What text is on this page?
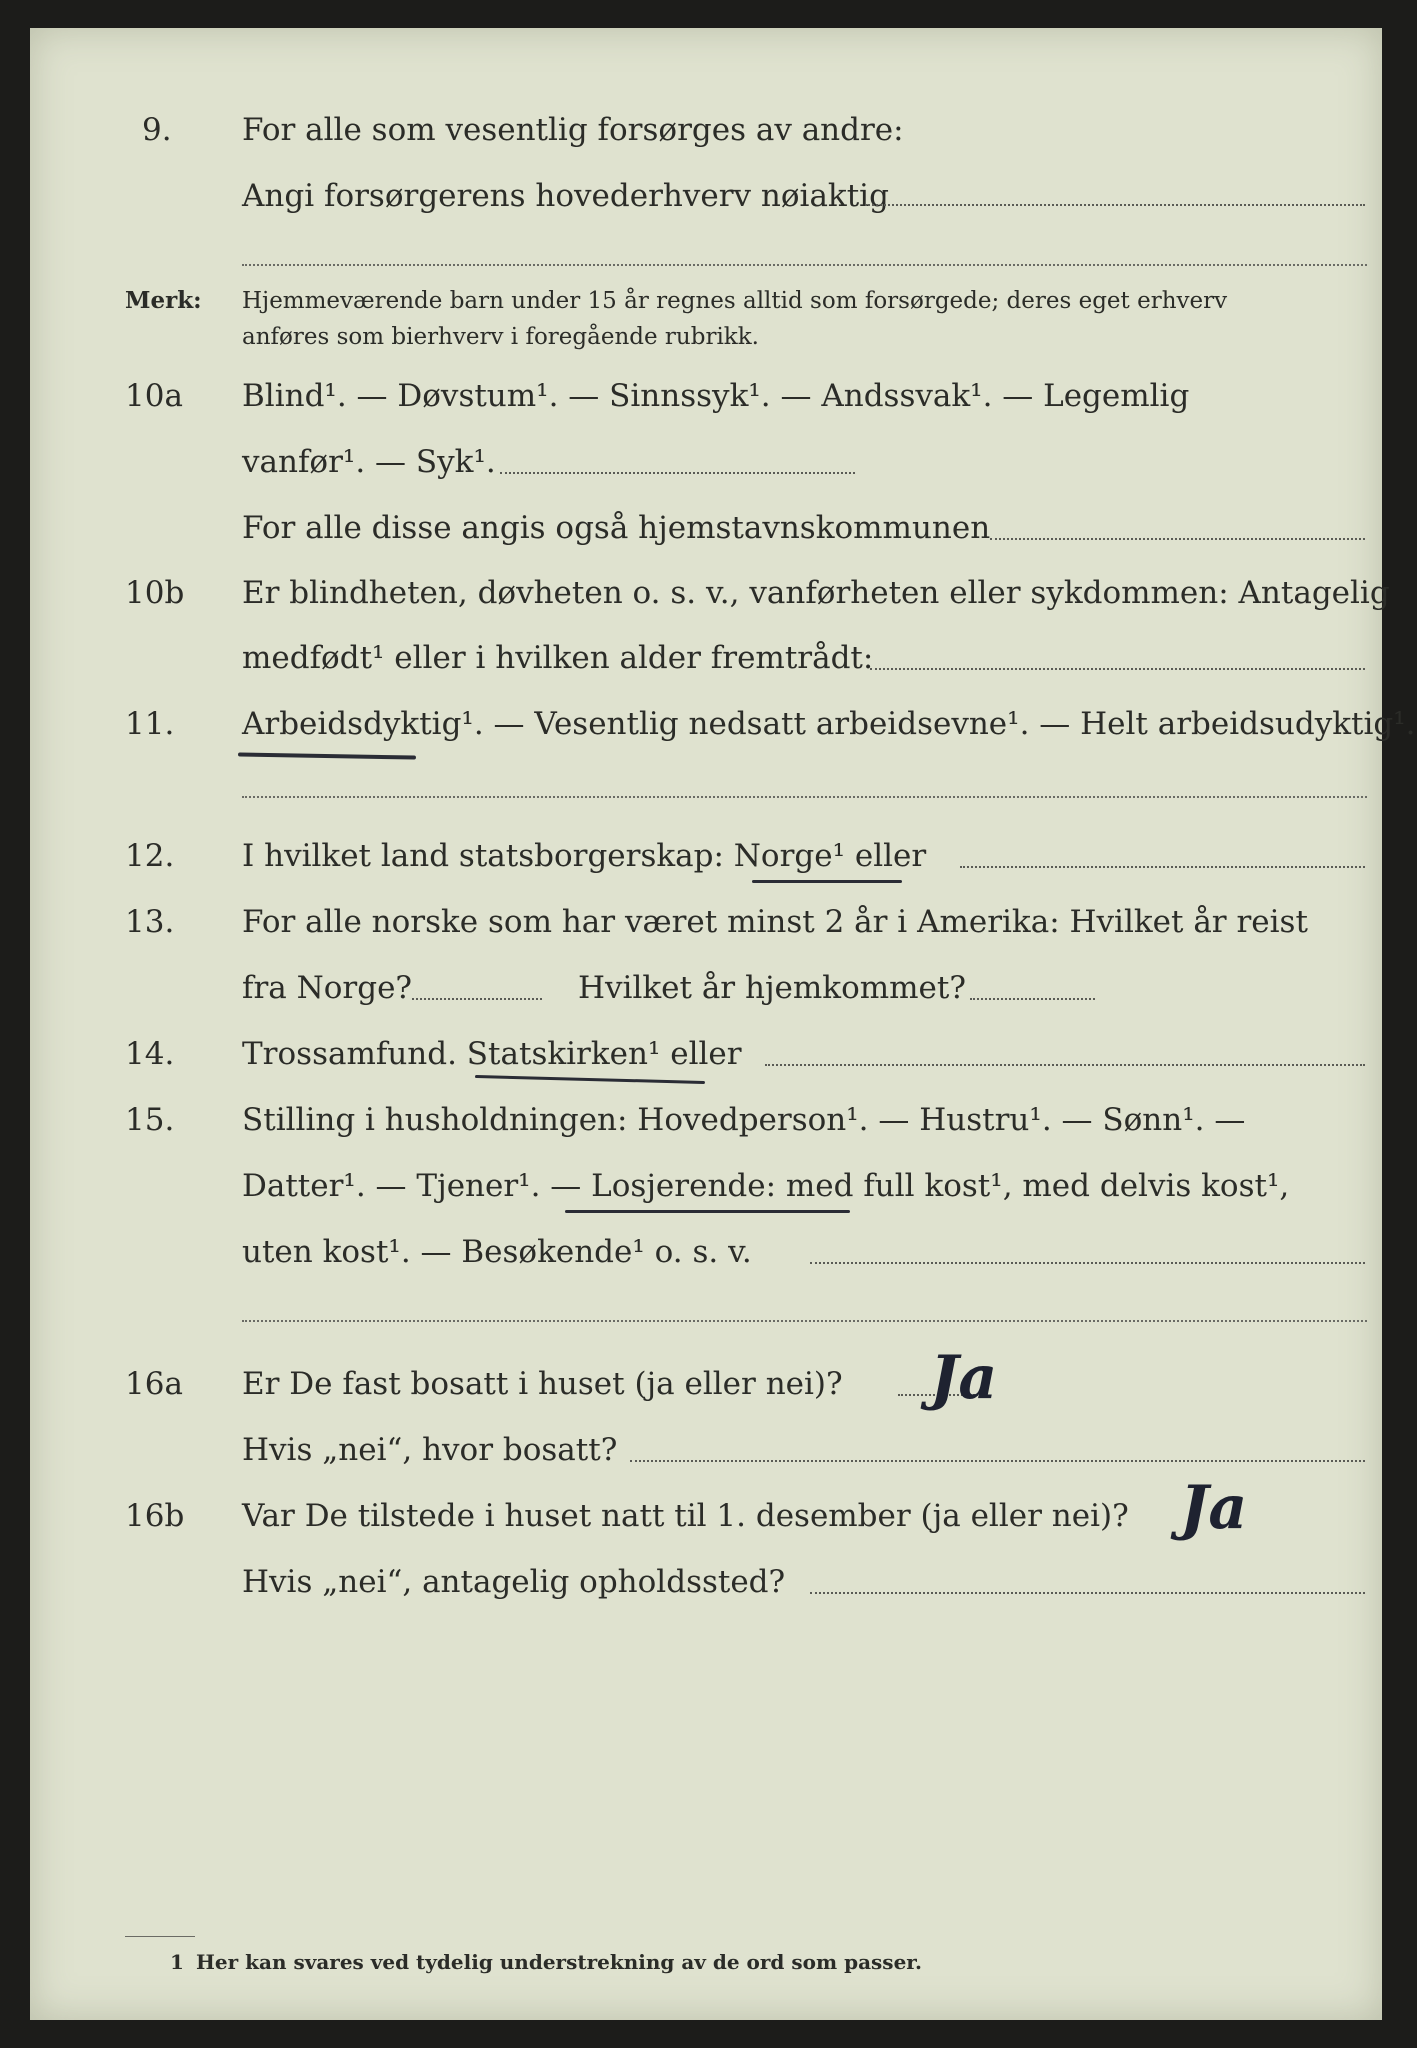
9. For alle som vesentlig forsørges av andre:
Angi forsørgerens hovederhverv nøiaktig
Merk: Hjemmeværende barn under 15 år regnes alltid som forsørgede; deres eget erhverv
anføres som bierhverv i foregående rubrikk.
10a Blind¹. — Døvstum¹. — Sinnssyk¹. — Andssvak¹. — Legemlig
vanfør¹. — Syk¹.
For alle disse angis også hjemstavnskommunen
10b Er blindheten, døvheten o. s. v., vanførheten eller sykdommen: Antagelig
medfødt¹ eller i hvilken alder fremtrådt:
11. Arbeidsdyktig¹. — Vesentlig nedsatt arbeidsevne¹. — Helt arbeidsudyktig¹.
12. I hvilket land statsborgerskap: Norge¹ eller
13. For alle norske som har været minst 2 år i Amerika: Hvilket år reist
fra Norge?	Hvilket år hjemkommet?
14. Trossamfund. Statskirken¹ eller
15. Stilling i husholdningen: Hovedperson¹. — Hustru¹. — Sønn¹. —
Datter¹. — Tjener¹. — Losjerende: med full kost¹, med delvis kost¹,
uten kost¹. — Besøkende¹ o. s. v.
16a Er De fast bosatt i huset (ja eller nei)? Ja
Hvis „nei“, hvor bosatt?
16b Var De tilstede i huset natt til 1. desember (ja eller nei)? Ja
Hvis „nei“, antagelig opholdssted?
1 Her kan svares ved tydelig understrekning av de ord som passer.
